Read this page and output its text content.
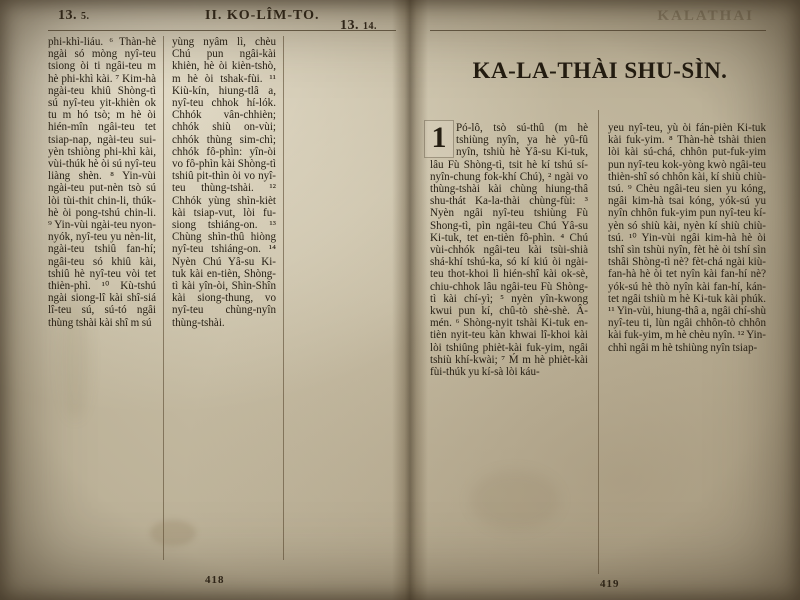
13. 5.	II. KO-LÎM-TO.

phi-khì-liáu. ⁶ Thàn-hè ngài só mòng nyî-teu tsiong òi ti ngâi-teu m hè phi-khì kài. ⁷ Kim-hà ngài-teu khiû Shòng-tì sú nyî-teu yit-khièn ok tu m hó tsò; m hè òi hién-mîn ngâi-teu tet tsiap-nap, ngài-teu sui-yèn tshiòng phi-khì kài, vùi-thúk hè òi sú nyî-teu liàng shèn. ⁸ Yin-vùi ngài-teu put-nèn tsò sú lòi tùi-thit chin-li, thúk-hè òi pong-tshú chin-li. ⁹ Yin-vùi ngài-teu nyon-nyók, nyî-teu yu nèn-lit, ngài-teu tshiû fan-hí; ngâi-teu só khiû kài, tshiû hè nyî-teu vòi tet thièn-phì. ¹⁰ Kù-tshú ngài siong-lî kài shî-siá lî-teu sú, sú-tó ngâi thùng tshài kài shî m sú

yùng nyâm lì, chèu Chú pun ngâi-kài khièn, hè òi kièn-tshò, m hè òi tshak-fùi. ¹¹ Kiù-kín, hiung-tlâ a, nyî-teu chhok hí-lók. Chhók vân-chhièn; chhók shiù on-vùi; chhók thùng sim-chì; chhók fô-phìn: yîn-òi vo fô-phìn kài Shòng-tì tshiû pit-thìn òi vo nyî-teu thùng-tshài. ¹² Chhók yùng shìn-kièt kài tsiap-vut, lòi fu-siong tshiáng-on. ¹³ Chùng shìn-thû hiòng nyî-teu tshiáng-on. ¹⁴ Nyèn Chú Yâ-su Ki-tuk kài en-tièn, Shòng-tì kài yîn-òi, Shìn-Shîn kài siong-thung, vo nyî-teu chùng-nyîn thùng-tshài.

418
13. 14.
KALATHAI
KA-LA-THÀI SHU-SÌN.
1 Pó-lô, tsò sú-thû (m hè tshiùng nyîn, ya hè yû-fû nyîn, tshiù hè Yâ-su Ki-tuk, lâu Fù Shòng-tì, tsit hè kí tshú sí-nyîn-chung fok-khí Chú), ² ngài vo thùng-tshài kài chùng hiung-thâ shu-thát Ka-la-thài chùng-fùi: ³ Nyèn ngâi nyî-teu tshiùng Fù Shong-tì, pìn ngâi-teu Chú Yâ-su Ki-tuk, tet en-tièn fô-phìn. ⁴ Chú vùi-chhók ngâi-teu kài tsùi-shià shá-khí tshú-ka, só kí kiú òi ngài-teu thot-khoi lì hién-shî kài ok-sè, chiu-chhok lâu ngâi-teu Fù Shòng-tì kài chí-yì; ⁵ nyèn yîn-kwong kwui pun kí, chû-tò shè-shè. Â-mén. ⁶ Shòng-nyit tshài Ki-tuk en-tièn nyit-teu kàn khwai lî-khoi kài lòi tshiûng phièt-kài fuk-yim, ngâi tshiù khí-kwài; ⁷ Ḿ m hè phièt-kài fùi-thúk yu kí-sà lòi káu-

yeu nyî-teu, yù òi fán-pièn Ki-tuk kài fuk-yim. ⁸ Thàn-hè tshài thien lòi kài sú-chá, chhôn put-fuk-yim pun nyî-teu kok-yòng kwò ngâi-teu thièn-shî só chhôn kài, kí shiù chiù-tsú. ⁹ Chèu ngâi-teu sien yu kóng, ngâi kim-hà tsai kóng, yók-sú yu nyîn chhôn fuk-yim pun nyî-teu kí-yèn só shiù kài, nyèn kí shiù chiù-tsú. ¹⁰ Yin-vùi ngâi kim-hà hè òi tshî sìn tshùi nyîn, fèt hè òi tshí sìn tshâi Shòng-tì nè? fèt-chá ngài kiù-fan-hà hè òi tet nyîn kài fan-hí nè? yók-sú hè thò nyîn kài fan-hí, kán-tet ngâi tshiù m hè Ki-tuk kài phúk. ¹¹ Yin-vùi, hiung-thâ a, ngâi chí-shù nyî-teu ti, lùn ngâi chhôn-tò chhôn kài fuk-yim, m hè chèu nyîn. ¹² Yin-chhì ngâi m hè tshiùng nyîn tsiap-

419
